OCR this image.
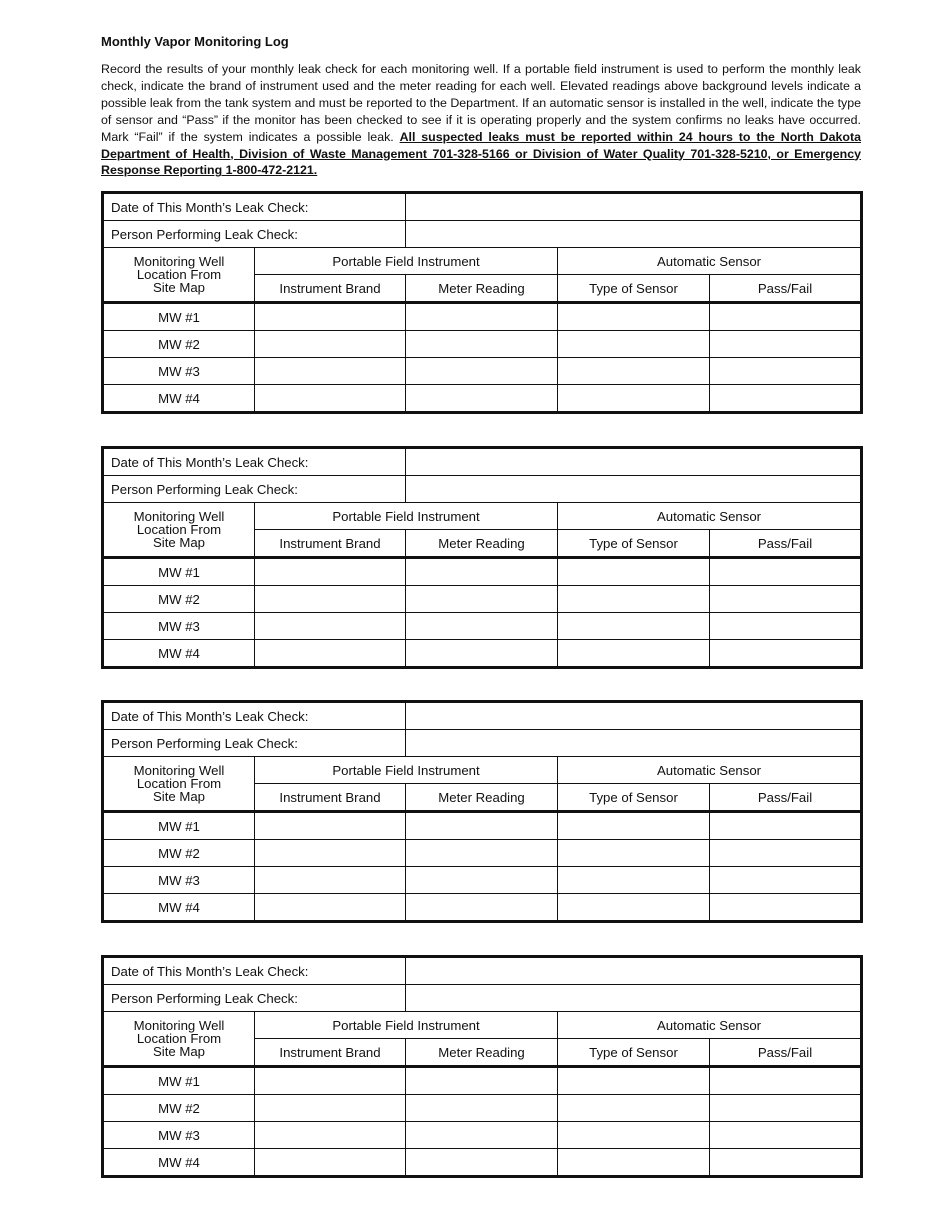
Monthly Vapor Monitoring Log
Record the results of your monthly leak check for each monitoring well. If a portable field instrument is used to perform the monthly leak check, indicate the brand of instrument used and the meter reading for each well. Elevated readings above background levels indicate a possible leak from the tank system and must be reported to the Department. If an automatic sensor is installed in the well, indicate the type of sensor and “Pass” if the monitor has been checked to see if it is operating properly and the system confirms no leaks have occurred. Mark “Fail” if the system indicates a possible leak. All suspected leaks must be reported within 24 hours to the North Dakota Department of Health, Division of Waste Management 701-328-5166 or Division of Water Quality 701-328-5210, or Emergency Response Reporting 1-800-472-2121.
Date of This Month’s Leak Check:				
Person Performing Leak Check:				
Monitoring Well
Location From
Site Map	Portable Field Instrument		Automatic Sensor	
	Instrument Brand	Meter Reading	Type of Sensor	Pass/Fail
MW #1				
MW #2				
MW #3				
MW #4				
Date of This Month’s Leak Check:				
Person Performing Leak Check:				
Monitoring Well
Location From
Site Map	Portable Field Instrument		Automatic Sensor	
	Instrument Brand	Meter Reading	Type of Sensor	Pass/Fail
MW #1				
MW #2				
MW #3				
MW #4				
Date of This Month’s Leak Check:				
Person Performing Leak Check:				
Monitoring Well
Location From
Site Map	Portable Field Instrument		Automatic Sensor	
	Instrument Brand	Meter Reading	Type of Sensor	Pass/Fail
MW #1				
MW #2				
MW #3				
MW #4				
Date of This Month’s Leak Check:				
Person Performing Leak Check:				
Monitoring Well
Location From
Site Map	Portable Field Instrument		Automatic Sensor	
	Instrument Brand	Meter Reading	Type of Sensor	Pass/Fail
MW #1				
MW #2				
MW #3				
MW #4				
